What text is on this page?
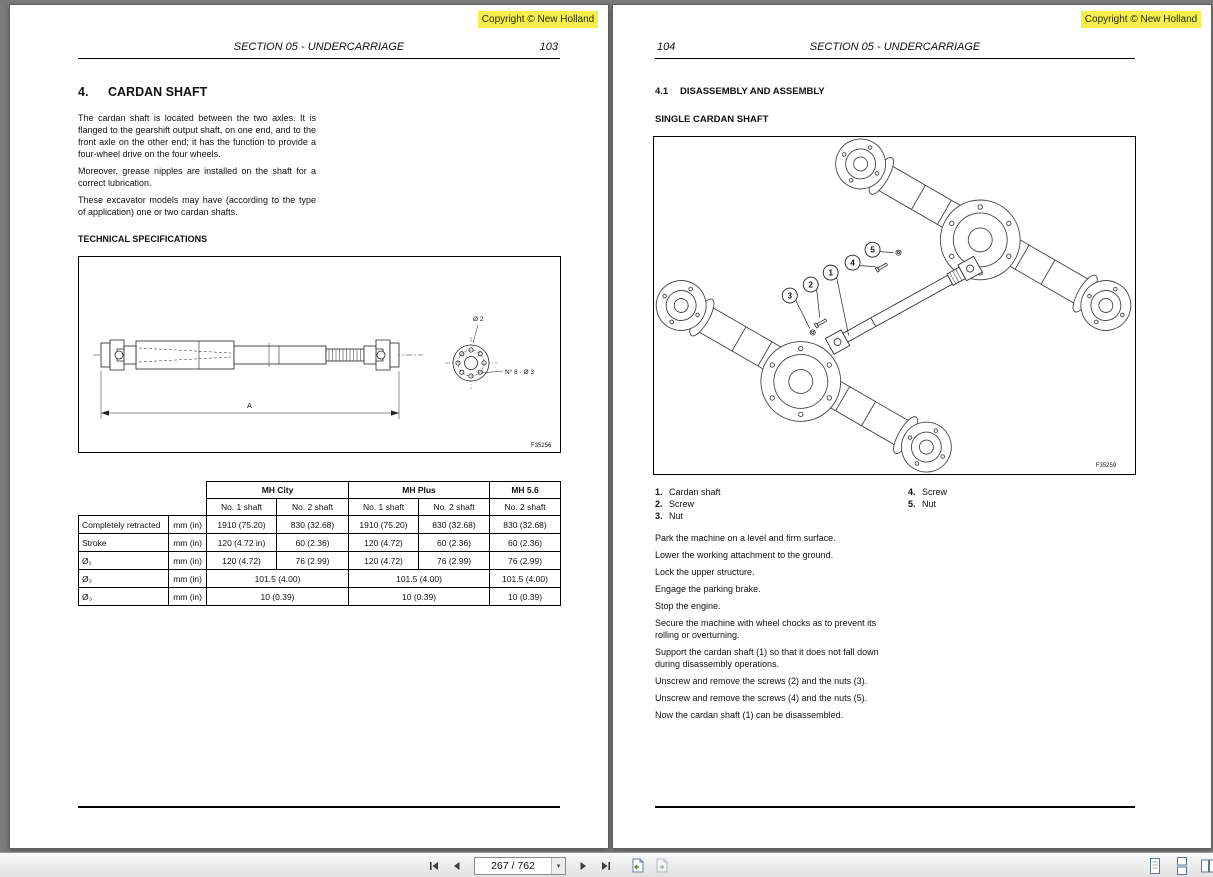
Copyright © New Holland
SECTION 05 - UNDERCARRIAGE	103
4.	CARDAN SHAFT
The cardan shaft is located between the two axles. It is flanged to the gearshift output shaft, on one end, and to the front axle on the other end; it has the function to provide a four-wheel drive on the four wheels.
Moreover, grease nipples are installed on the shaft for a correct lubrication.
These excavator models may have (according to the type of application) one or two cardan shafts.
TECHNICAL SPECIFICATIONS
Ø 2
N° 8 - Ø 3
A
F35256
		MH City		MH Plus		MH 5.6
		No. 1 shaft	No. 2 shaft	No. 1 shaft	No. 2 shaft	No. 2 shaft
Completely retracted	mm (in)	1910 (75.20)	830 (32.68)	1910 (75.20)	830 (32.68)	830 (32.68)
Stroke	mm (in)	120 (4.72 in)	60 (2.36)	120 (4.72)	60 (2.36)	60 (2.36)
Ø₁	mm (in)	120 (4.72)	76 (2.99)	120 (4.72)	76 (2.99)	76 (2.99)
Ø₂	mm (in)	101.5 (4.00)		101.5 (4.00)		101.5 (4.00)
Ø₃	mm (in)	10 (0.39)		10 (0.39)		10 (0.39)
Copyright © New Holland
104	SECTION 05 - UNDERCARRIAGE
4.1	DISASSEMBLY AND ASSEMBLY
SINGLE CARDAN SHAFT
1
2
3
4
5
F35259
1. Cardan shaft
2. Screw
3. Nut
4. Screw
5. Nut
Park the machine on a level and firm surface.
Lower the working attachment to the ground.
Lock the upper structure.
Engage the parking brake.
Stop the engine.
Secure the machine with wheel chocks as to prevent its rolling or overturning.
Support the cardan shaft (1) so that it does not fall down during disassembly operations.
Unscrew and remove the screws (2) and the nuts (3).
Unscrew and remove the screws (4) and the nuts (5).
Now the cardan shaft (1) can be disassembled.
267 / 762
▾
